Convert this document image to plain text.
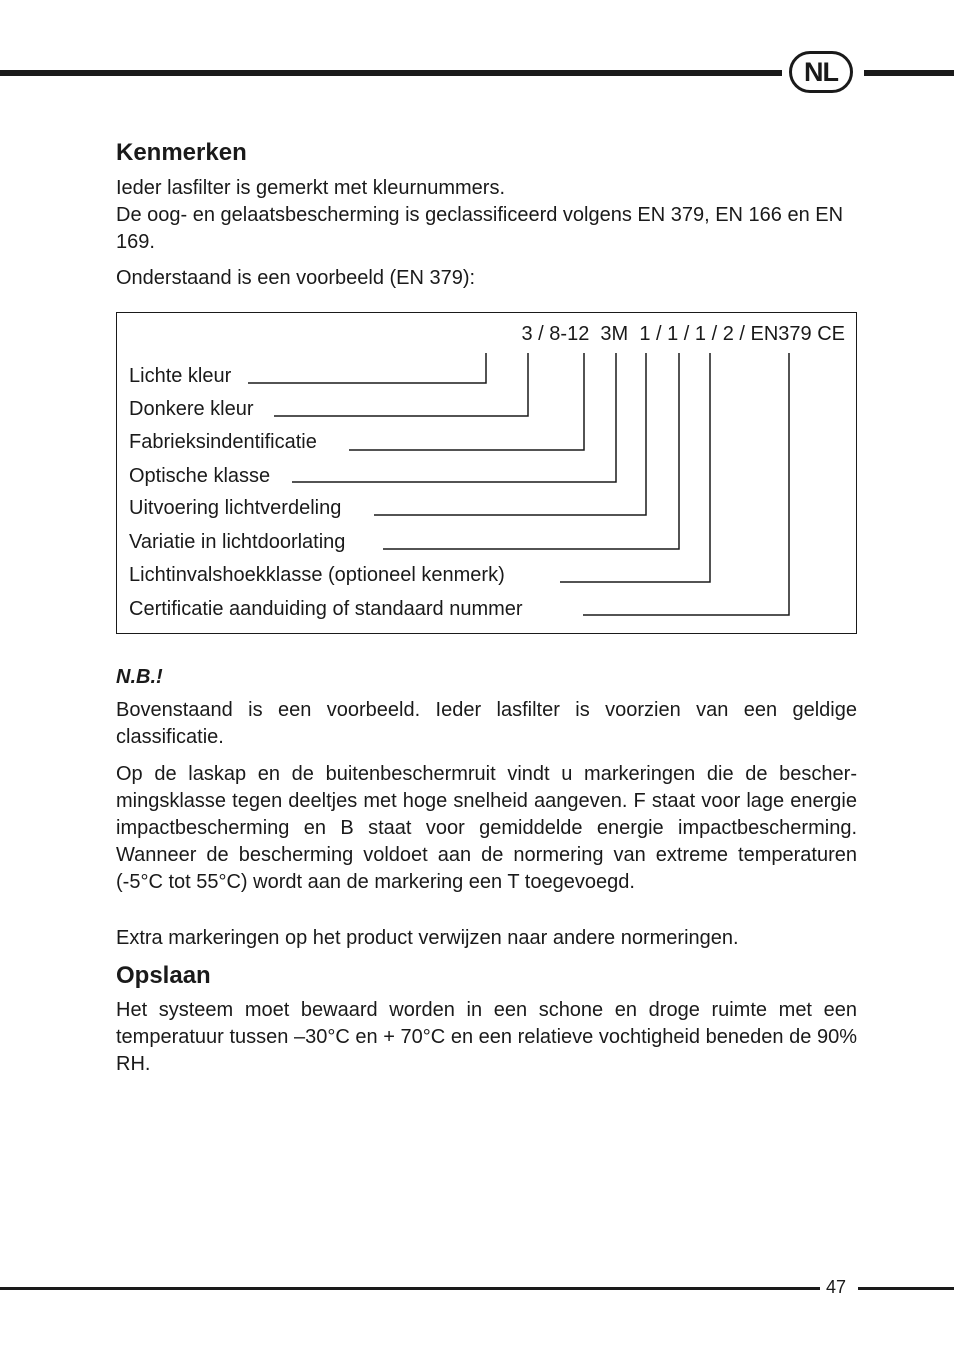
NL
Kenmerken

Ieder lasfilter is gemerkt met kleurnummers.

De oog- en gelaatsbescherming is geclassificeerd volgens EN 379, EN 166 en EN 169.

Onderstaand is een voorbeeld (EN 379):

3 / 8-12  3M  1 / 1 / 1 / 2 / EN379 CE
Lichte kleur
Donkere kleur
Fabrieksindentificatie
Optische klasse
Uitvoering lichtverdeling
Variatie in lichtdoorlating
Lichtinvalshoekklasse (optioneel kenmerk)
Certificatie aanduiding of standaard nummer
N.B.!

Bovenstaand is een voorbeeld. Ieder lasfilter is voorzien van een geldige classificatie.

Op de laskap en de buitenbeschermruit vindt u markeringen die de beschermingsklasse tegen deeltjes met hoge snelheid aangeven. F staat voor lage energie impactbescherming en B staat voor gemiddelde energie impactbescherming. Wanneer de bescherming voldoet aan de normering van extreme temperaturen (-5°C tot 55°C) wordt aan de markering een T toegevoegd.

Extra markeringen op het product verwijzen naar andere normeringen.

Opslaan

Het systeem moet bewaard worden in een schone en droge ruimte met een temperatuur tussen –30°C en + 70°C en een relatieve vochtigheid beneden de 90% RH.

47
